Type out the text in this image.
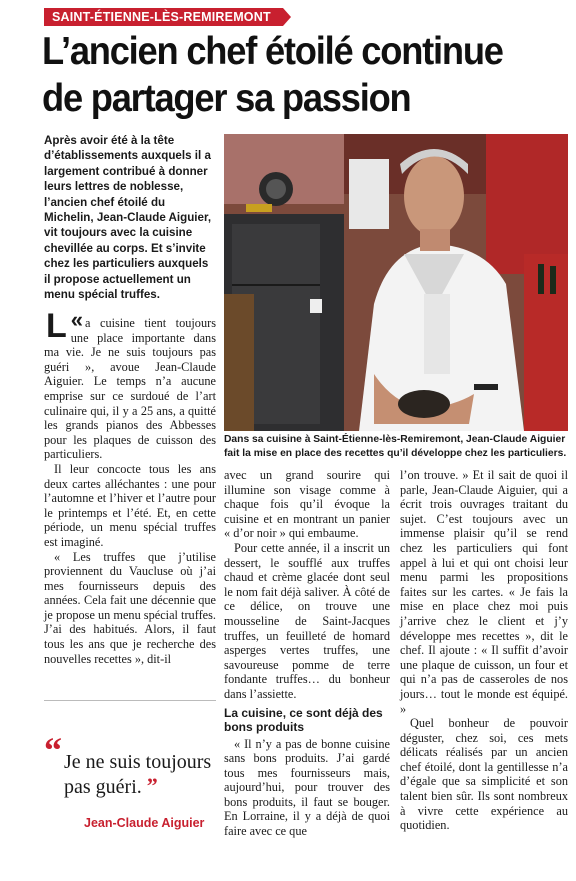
SAINT-ÉTIENNE-LÈS-REMIREMONT
L’ancien chef étoilé continue de partager sa passion
Après avoir été à la tête d’établissements auxquels il a largement contribué à donner leurs lettres de noblesse, l’ancien chef étoilé du Michelin, Jean-Claude Aiguier, vit toujours avec la cuisine chevillée au corps. Et s’invite chez les particuliers auxquels il propose actuellement un menu spécial truffes.
Dans sa cuisine à Saint-Étienne-lès-Remiremont, Jean-Claude Aiguier fait la mise en place des recettes qu’il développe chez les particuliers.

«
L a cuisine tient toujours une place importante dans ma vie. Je ne suis toujours pas guéri », avoue Jean-Claude Aiguier. Le temps n’a aucune emprise sur ce surdoué de l’art culinaire qui, il y a 25 ans, a quitté les grands pianos des Abbesses pour les plaques de cuisson des particuliers.

Il leur concocte tous les ans deux cartes alléchantes : une pour l’automne et l’hiver et l’autre pour le printemps et l’été. Et, en cette période, un menu spécial truffes est imaginé.

« Les truffes que j’utilise proviennent du Vaucluse où j’ai mes fournisseurs depuis des années. Cela fait une décennie que je propose un menu spécial truffes. J’ai des habitués. Alors, il faut tous les ans que je recherche des nouvelles recettes », dit-il

“ Je ne suis toujours pas guéri. ”
Jean-Claude Aiguier

avec un grand sourire qui illumine son visage comme à chaque fois qu’il évoque la cuisine et en montrant un panier « d’or noir » qui embaume.

Pour cette année, il a inscrit un dessert, le soufflé aux truffes chaud et crème glacée dont seul le nom fait déjà saliver. À côté de ce délice, on trouve une mousseline de Saint-Jacques truffes, un feuilleté de homard asperges vertes truffes, une savoureuse pomme de terre fondante truffes… du bonheur dans l’assiette.

La cuisine, ce sont déjà des bons produits

« Il n’y a pas de bonne cuisine sans bons produits. J’ai gardé tous mes fournisseurs mais, aujourd’hui, pour trouver des bons produits, il faut se bouger. En Lorraine, il y a déjà de quoi faire avec ce que

l’on trouve. » Et il sait de quoi il parle, Jean-Claude Aiguier, qui a écrit trois ouvrages traitant du sujet. C’est toujours avec un immense plaisir qu’il se rend chez les particuliers qui font appel à lui et qui ont choisi leur menu parmi les propositions faites sur les cartes. « Je fais la mise en place chez moi puis j’arrive chez le client et j’y développe mes recettes », dit le chef. Il ajoute : « Il suffit d’avoir une plaque de cuisson, un four et qui n’a pas de casseroles de nos jours… tout le monde est équipé. »

Quel bonheur de pouvoir déguster, chez soi, ces mets délicats réalisés par un ancien chef étoilé, dont la gentillesse n’a d’égale que sa simplicité et son talent bien sûr. Ils sont nombreux à vivre cette expérience au quotidien.
